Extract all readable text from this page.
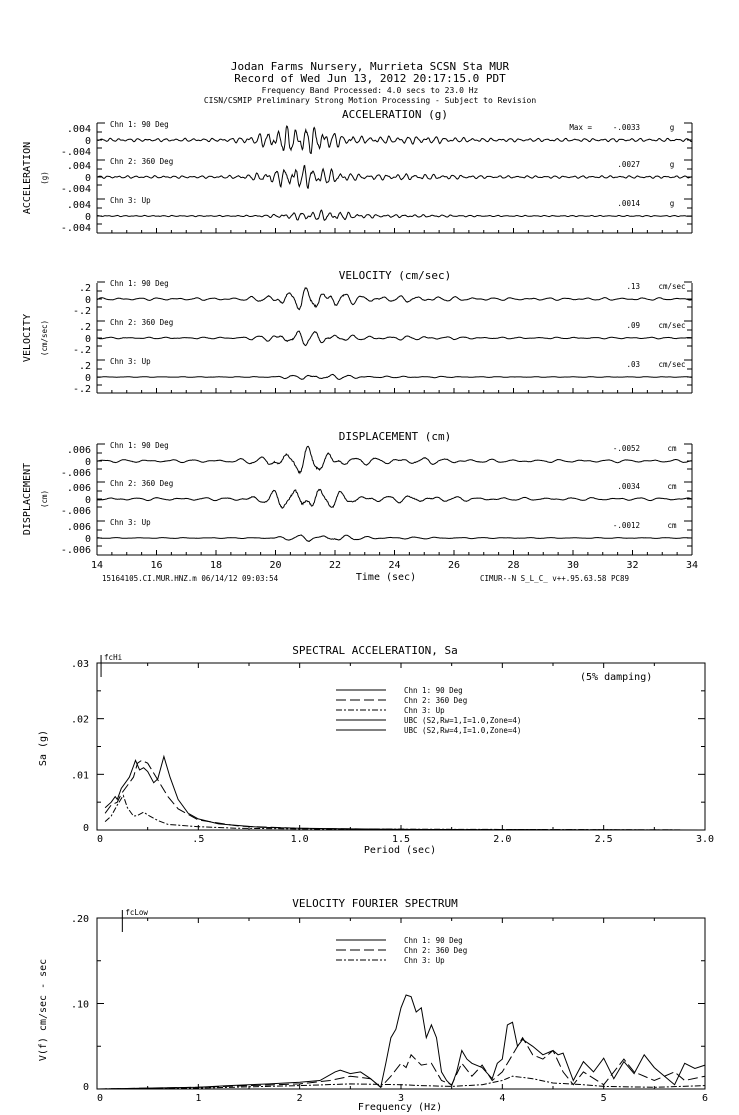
Jodan Farms Nursery, Murrieta SCSN Sta MUR
Record of Wed Jun 13, 2012 20:17:15.0 PDT
Frequency Band Processed: 4.0 secs to 23.0 Hz
CISN/CSMIP Preliminary Strong Motion Processing - Subject to Revision
ACCELERATION (g)
VELOCITY (cm/sec)
DISPLACEMENT (cm)
ACCELERATION (g)
VELOCITY (cm/sec)
DISPLACEMENT (cm)
.004
0
-.004
Chn 1: 90 Deg	Max =	-.0033	g
.004
0
-.004
Chn 2: 360 Deg	.0027	g
.004
0
-.004
Chn 3: Up	.0014	g
.2
0
-.2
Chn 1: 90 Deg	.13 cm/sec
.2
0
-.2
Chn 2: 360 Deg	.09 cm/sec
.2
0
-.2
Chn 3: Up	.03 cm/sec
.006
0
-.006
Chn 1: 90 Deg	-.0052	cm
.006
0
-.006
Chn 2: 360 Deg	.0034	cm
.006
0
-.006
Chn 3: Up	-.0012	cm
14	16	18	20	22	24	26	28	30	32	34
Time (sec)
15164105.CI.MUR.HNZ.m 06/14/12 09:03:54	CIMUR--N S_L_C_ v++.95.63.58 PC89
SPECTRAL ACCELERATION, Sa
Sa (g)
Period (sec)
(5% damping)
0	.5	1.0	1.5	2.0	2.5	3.0
0
.01
.02
.03
fcHi
Chn 1: 90 Deg
Chn 2: 360 Deg
Chn 3: Up
UBC (S2,Rw=1,I=1.0,Zone=4)
UBC (S2,Rw=4,I=1.0,Zone=4)
VELOCITY FOURIER SPECTRUM
V(f) cm/sec - sec
Frequency (Hz)
0	1	2	3	4	5	6
0
.10
.20
fcLow
Chn 1: 90 Deg
Chn 2: 360 Deg
Chn 3: Up
